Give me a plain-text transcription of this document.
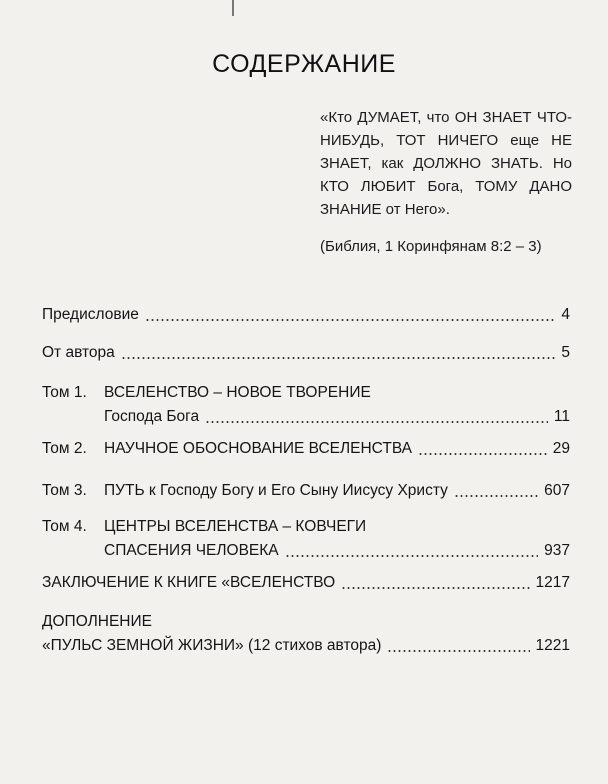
СОДЕРЖАНИЕ

«Кто ДУМАЕТ, что ОН ЗНАЕТ ЧТО-НИБУДЬ, ТОТ НИЧЕГО еще НЕ ЗНАЕТ, как ДОЛЖНО ЗНАТЬ. Но КТО ЛЮБИТ Бога, ТОМУ ДАНО ЗНАНИЕ от Него».

(Библия, 1 Коринфянам 8:2 – 3)

Предисловие	4
От автора	5
Том 1. ВСЕЛЕНСТВО – НОВОЕ ТВОРЕНИЕ
Господа Бога	11
Том 2. НАУЧНОЕ ОБОСНОВАНИЕ ВСЕЛЕНСТВА	29
Том 3. ПУТЬ к Господу Богу и Его Сыну Иисусу Христу	607
Том 4. ЦЕНТРЫ ВСЕЛЕНСТВА – КОВЧЕГИ
СПАСЕНИЯ ЧЕЛОВЕКА	937
ЗАКЛЮЧЕНИЕ К КНИГЕ «ВСЕЛЕНСТВО	1217
ДОПОЛНЕНИЕ
«ПУЛЬС ЗЕМНОЙ ЖИЗНИ» (12 стихов автора)	1221
